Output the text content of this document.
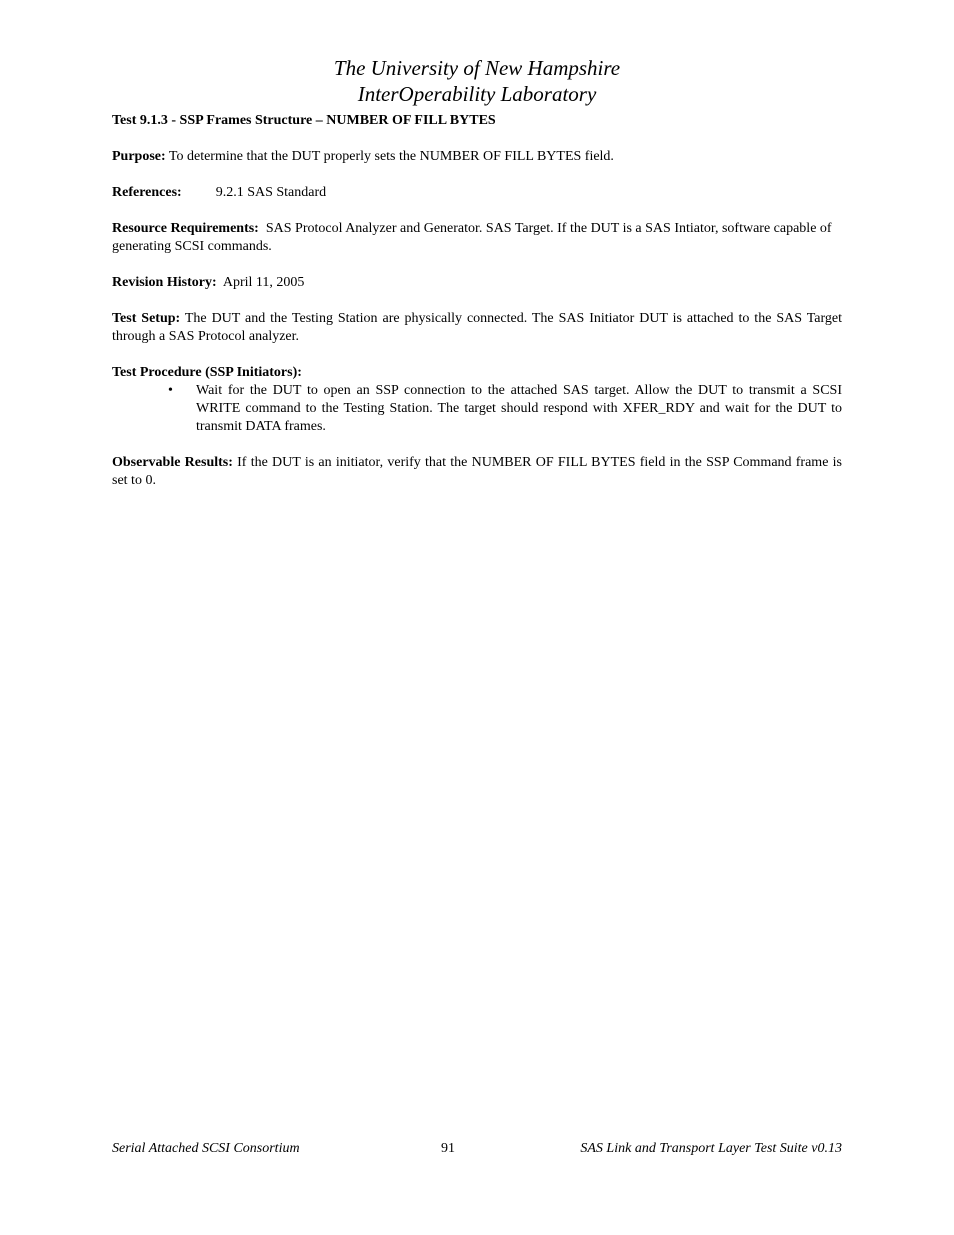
The University of New Hampshire
InterOperability Laboratory

Test 9.1.3 - SSP Frames Structure – NUMBER OF FILL BYTES

Purpose: To determine that the DUT properly sets the NUMBER OF FILL BYTES field.

References: 9.2.1 SAS Standard

Resource Requirements:  SAS Protocol Analyzer and Generator. SAS Target. If the DUT is a SAS Intiator, software capable of generating SCSI commands.

Revision History:  April 11, 2005

Test Setup: The DUT and the Testing Station are physically connected. The SAS Initiator DUT is attached to the SAS Target through a SAS Protocol analyzer.

Test Procedure (SSP Initiators):

• Wait for the DUT to open an SSP connection to the attached SAS target. Allow the DUT to transmit a SCSI WRITE command to the Testing Station. The target should respond with XFER_RDY and wait for the DUT to transmit DATA frames.

Observable Results: If the DUT is an initiator, verify that the NUMBER OF FILL BYTES field in the SSP Command frame is set to 0.

Serial Attached SCSI Consortium	91	SAS Link and Transport Layer Test Suite v0.13
